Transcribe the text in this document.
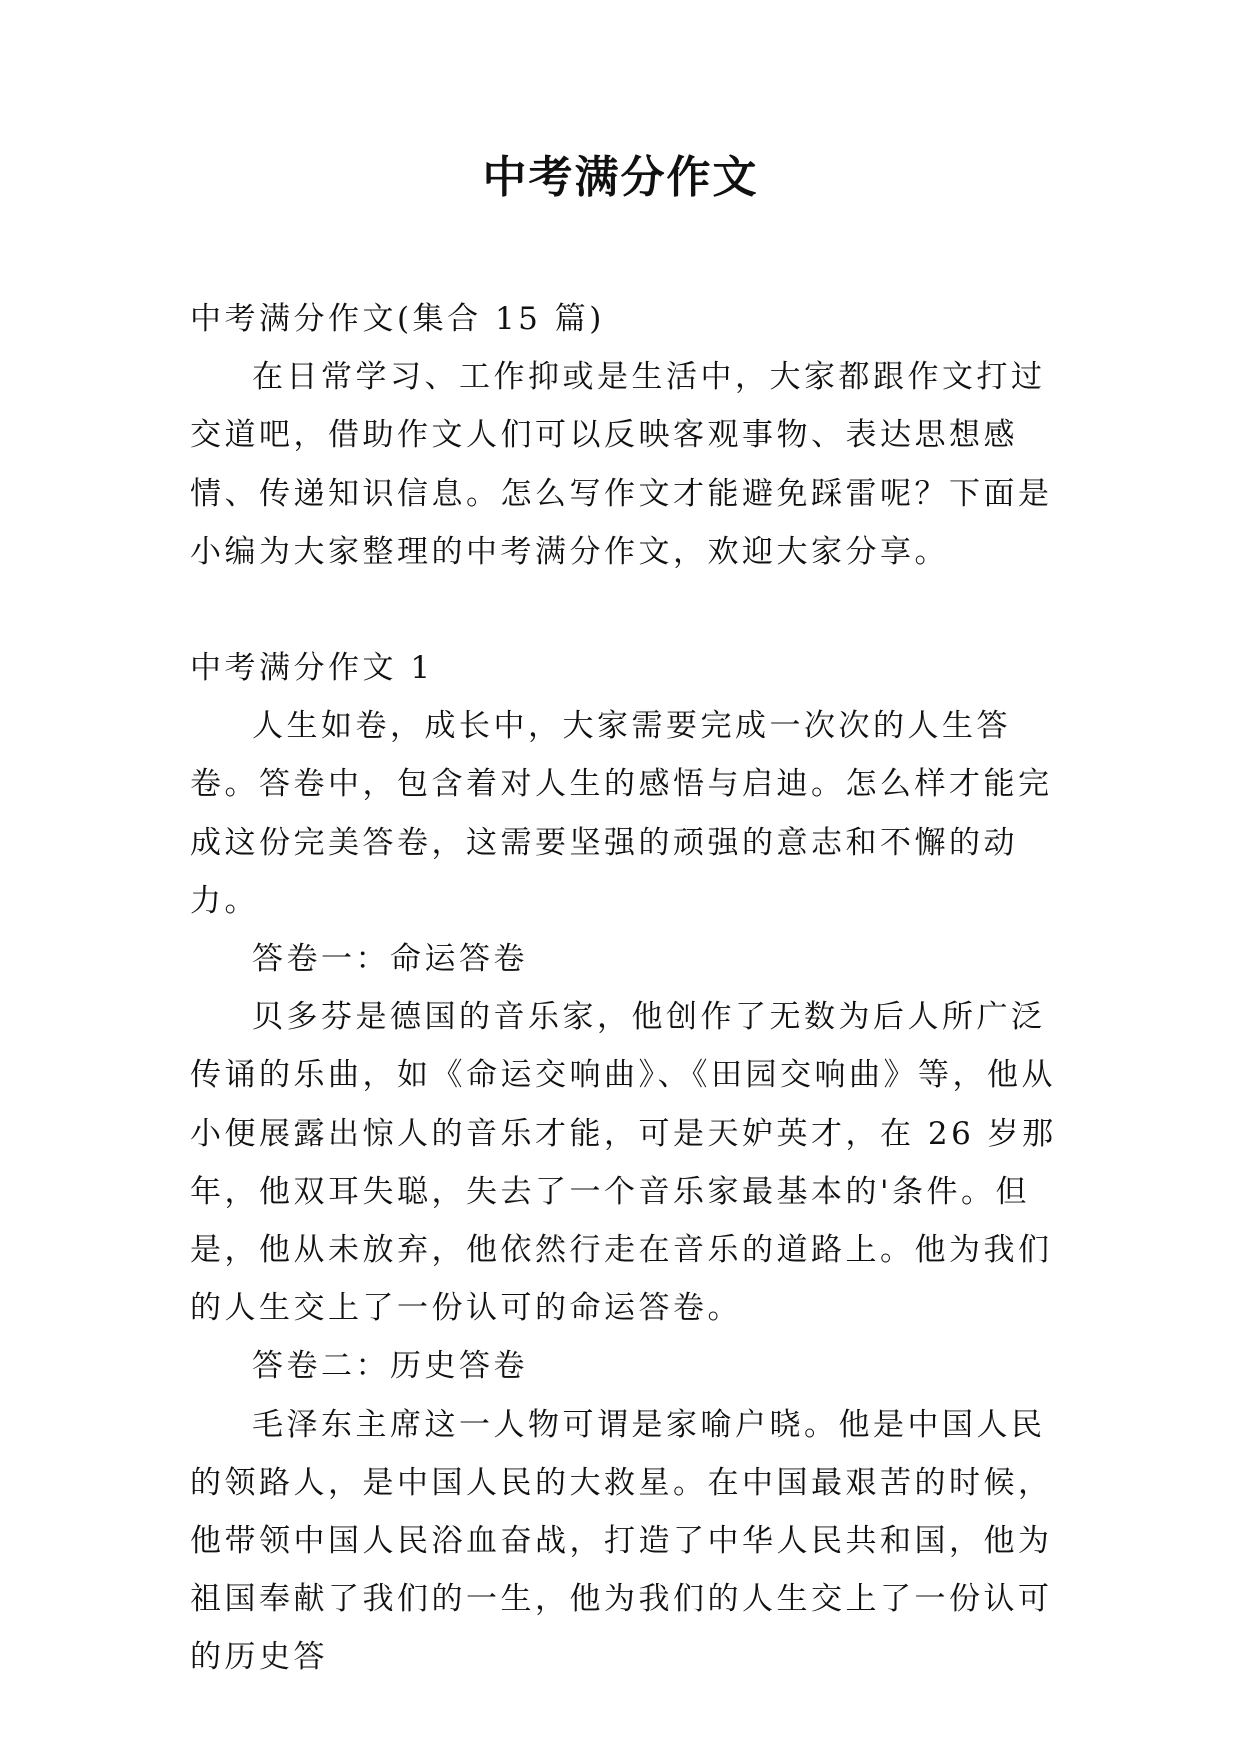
中考满分作文

中考满分作文(集合 15 篇)

在日常学习、工作抑或是生活中，大家都跟作文打过交道吧，借助作文人们可以反映客观事物、表达思想感情、传递知识信息。怎么写作文才能避免踩雷呢？下面是小编为大家整理的中考满分作文，欢迎大家分享。

中考满分作文 1

人生如卷，成长中，大家需要完成一次次的人生答卷。答卷中，包含着对人生的感悟与启迪。怎么样才能完成这份完美答卷，这需要坚强的顽强的意志和不懈的动力。

答卷一：命运答卷

贝多芬是德国的音乐家，他创作了无数为后人所广泛传诵的乐曲，如《命运交响曲》、《田园交响曲》等，他从小便展露出惊人的音乐才能，可是天妒英才，在 26 岁那年，他双耳失聪，失去了一个音乐家最基本的'条件。但是，他从未放弃，他依然行走在音乐的道路上。他为我们的人生交上了一份认可的命运答卷。

答卷二：历史答卷

毛泽东主席这一人物可谓是家喻户晓。他是中国人民的领路人，是中国人民的大救星。在中国最艰苦的时候，他带领中国人民浴血奋战，打造了中华人民共和国，他为祖国奉献了我们的一生，他为我们的人生交上了一份认可的历史答
